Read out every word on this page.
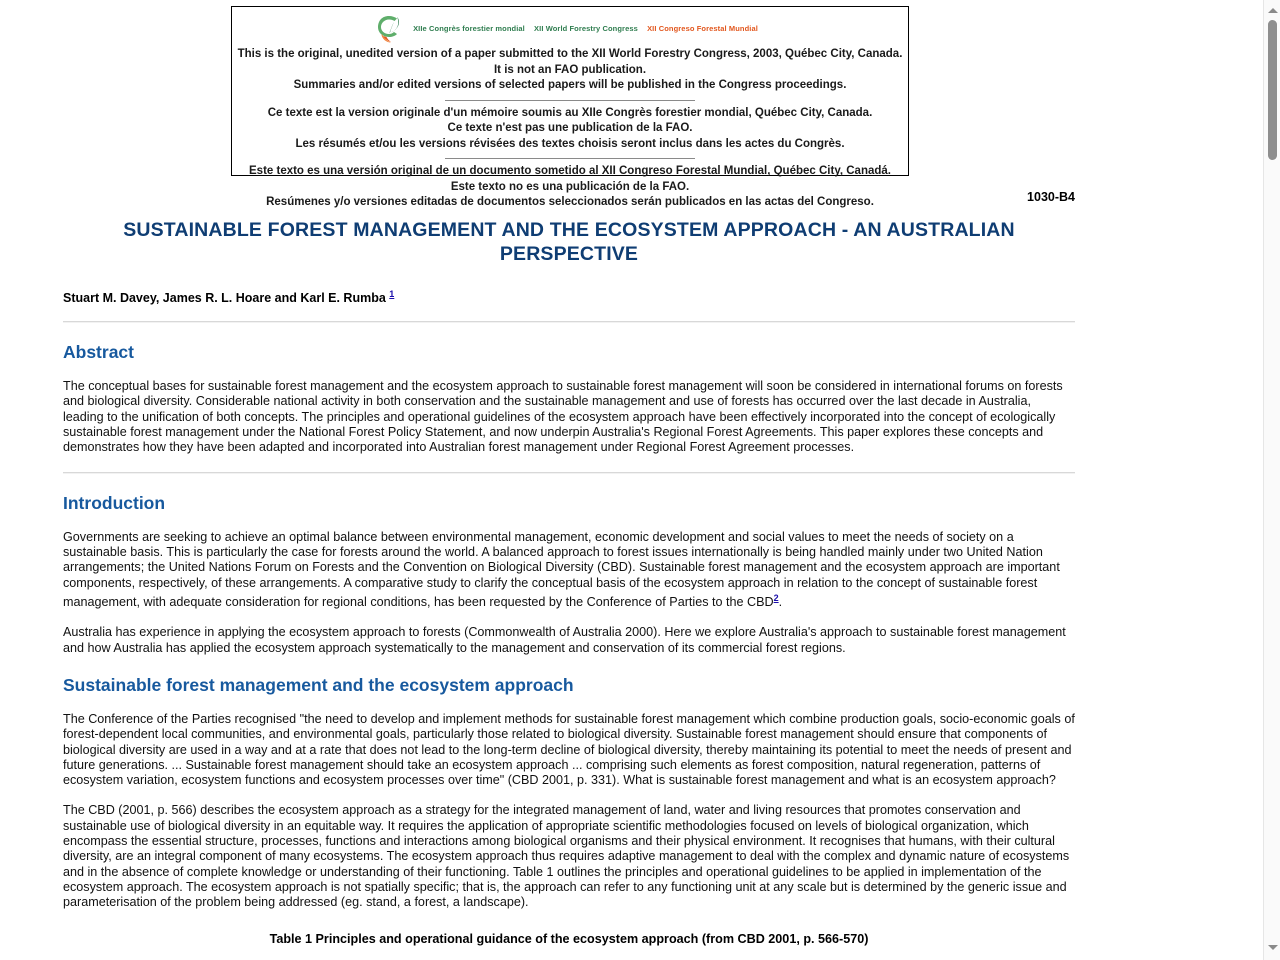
XIIe Congrès forestier mondial XII World Forestry Congress XII Congreso Forestal Mundial
This is the original, unedited version of a paper submitted to the XII World Forestry Congress, 2003, Québec City, Canada.
It is not an FAO publication.
Summaries and/or edited versions of selected papers will be published in the Congress proceedings.
Ce texte est la version originale d'un mémoire soumis au XIIe Congrès forestier mondial, Québec City, Canada.
Ce texte n'est pas une publication de la FAO.
Les résumés et/ou les versions révisées des textes choisis seront inclus dans les actes du Congrès.
Este texto es una versión original de un documento sometido al XII Congreso Forestal Mundial, Québec City, Canadá.
Este texto no es una publicación de la FAO.
Resúmenes y/o versiones editadas de documentos seleccionados serán publicados en las actas del Congreso.	1030-B4
SUSTAINABLE FOREST MANAGEMENT AND THE ECOSYSTEM APPROACH - AN AUSTRALIAN PERSPECTIVE
Stuart M. Davey, James R. L. Hoare and Karl E. Rumba $^1$
Abstract

The conceptual bases for sustainable forest management and the ecosystem approach to sustainable forest management will soon be considered in international forums on forests and biological diversity. Considerable national activity in both conservation and the sustainable management and use of forests has occurred over the last decade in Australia, leading to the unification of both concepts. The principles and operational guidelines of the ecosystem approach have been effectively incorporated into the concept of ecologically sustainable forest management under the National Forest Policy Statement, and now underpin Australia's Regional Forest Agreements. This paper explores these concepts and demonstrates how they have been adapted and incorporated into Australian forest management under Regional Forest Agreement processes.

Introduction

Governments are seeking to achieve an optimal balance between environmental management, economic development and social values to meet the needs of society on a sustainable basis. This is particularly the case for forests around the world. A balanced approach to forest issues internationally is being handled mainly under two United Nation arrangements; the United Nations Forum on Forests and the Convention on Biological Diversity (CBD). Sustainable forest management and the ecosystem approach are important components, respectively, of these arrangements. A comparative study to clarify the conceptual basis of the ecosystem approach in relation to the concept of sustainable forest management, with adequate consideration for regional conditions, has been requested by the Conference of Parties to the CBD$^2$.

Australia has experience in applying the ecosystem approach to forests (Commonwealth of Australia 2000). Here we explore Australia's approach to sustainable forest management and how Australia has applied the ecosystem approach systematically to the management and conservation of its commercial forest regions.

Sustainable forest management and the ecosystem approach

The Conference of the Parties recognised "the need to develop and implement methods for sustainable forest management which combine production goals, socio-economic goals of forest-dependent local communities, and environmental goals, particularly those related to biological diversity. Sustainable forest management should ensure that components of biological diversity are used in a way and at a rate that does not lead to the long-term decline of biological diversity, thereby maintaining its potential to meet the needs of present and future generations. ... Sustainable forest management should take an ecosystem approach ... comprising such elements as forest composition, natural regeneration, patterns of ecosystem variation, ecosystem functions and ecosystem processes over time" (CBD 2001, p. 331). What is sustainable forest management and what is an ecosystem approach?

The CBD (2001, p. 566) describes the ecosystem approach as a strategy for the integrated management of land, water and living resources that promotes conservation and sustainable use of biological diversity in an equitable way. It requires the application of appropriate scientific methodologies focused on levels of biological organization, which encompass the essential structure, processes, functions and interactions among biological organisms and their physical environment. It recognises that humans, with their cultural diversity, are an integral component of many ecosystems. The ecosystem approach thus requires adaptive management to deal with the complex and dynamic nature of ecosystems and in the absence of complete knowledge or understanding of their functioning. Table 1 outlines the principles and operational guidelines to be applied in implementation of the ecosystem approach. The ecosystem approach is not spatially specific; that is, the approach can refer to any functioning unit at any scale but is determined by the generic issue and parameterisation of the problem being addressed (eg. stand, a forest, a landscape).

Table 1 Principles and operational guidance of the ecosystem approach (from CBD 2001, p. 566-570)
